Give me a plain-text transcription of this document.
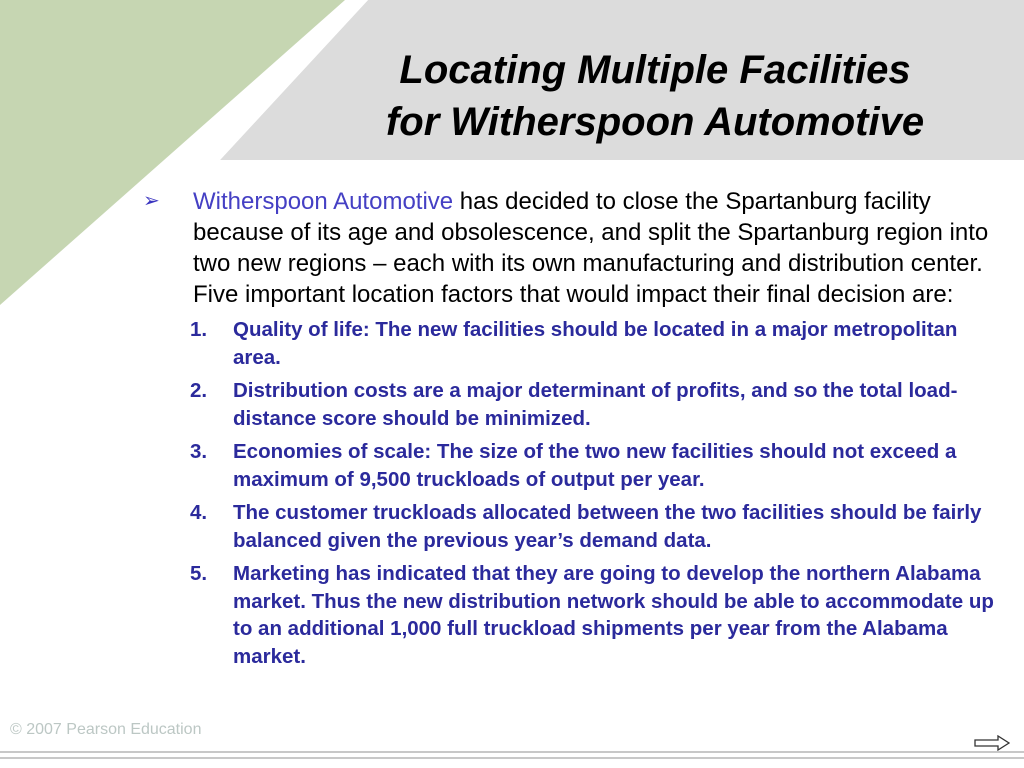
Locating Multiple Facilities
for Witherspoon Automotive
➢	Witherspoon Automotive has decided to close the Spartanburg facility because of its age and obsolescence, and split the Spartanburg region into two new regions – each with its own manufacturing and distribution center. Five important location factors that would impact their final decision are:
1.	Quality of life: The new facilities should be located in a major metropolitan area.
2.	Distribution costs are a major determinant of profits, and so the total load-distance score should be minimized.
3.	Economies of scale: The size of the two new facilities should not exceed a maximum of 9,500 truckloads of output per year.
4.	The customer truckloads allocated between the two facilities should be fairly balanced given the previous year’s demand data.
5.	Marketing has indicated that they are going to develop the northern Alabama market. Thus the new distribution network should be able to accommodate up to an additional 1,000 full truckload shipments per year from the Alabama market.
© 2007 Pearson Education
